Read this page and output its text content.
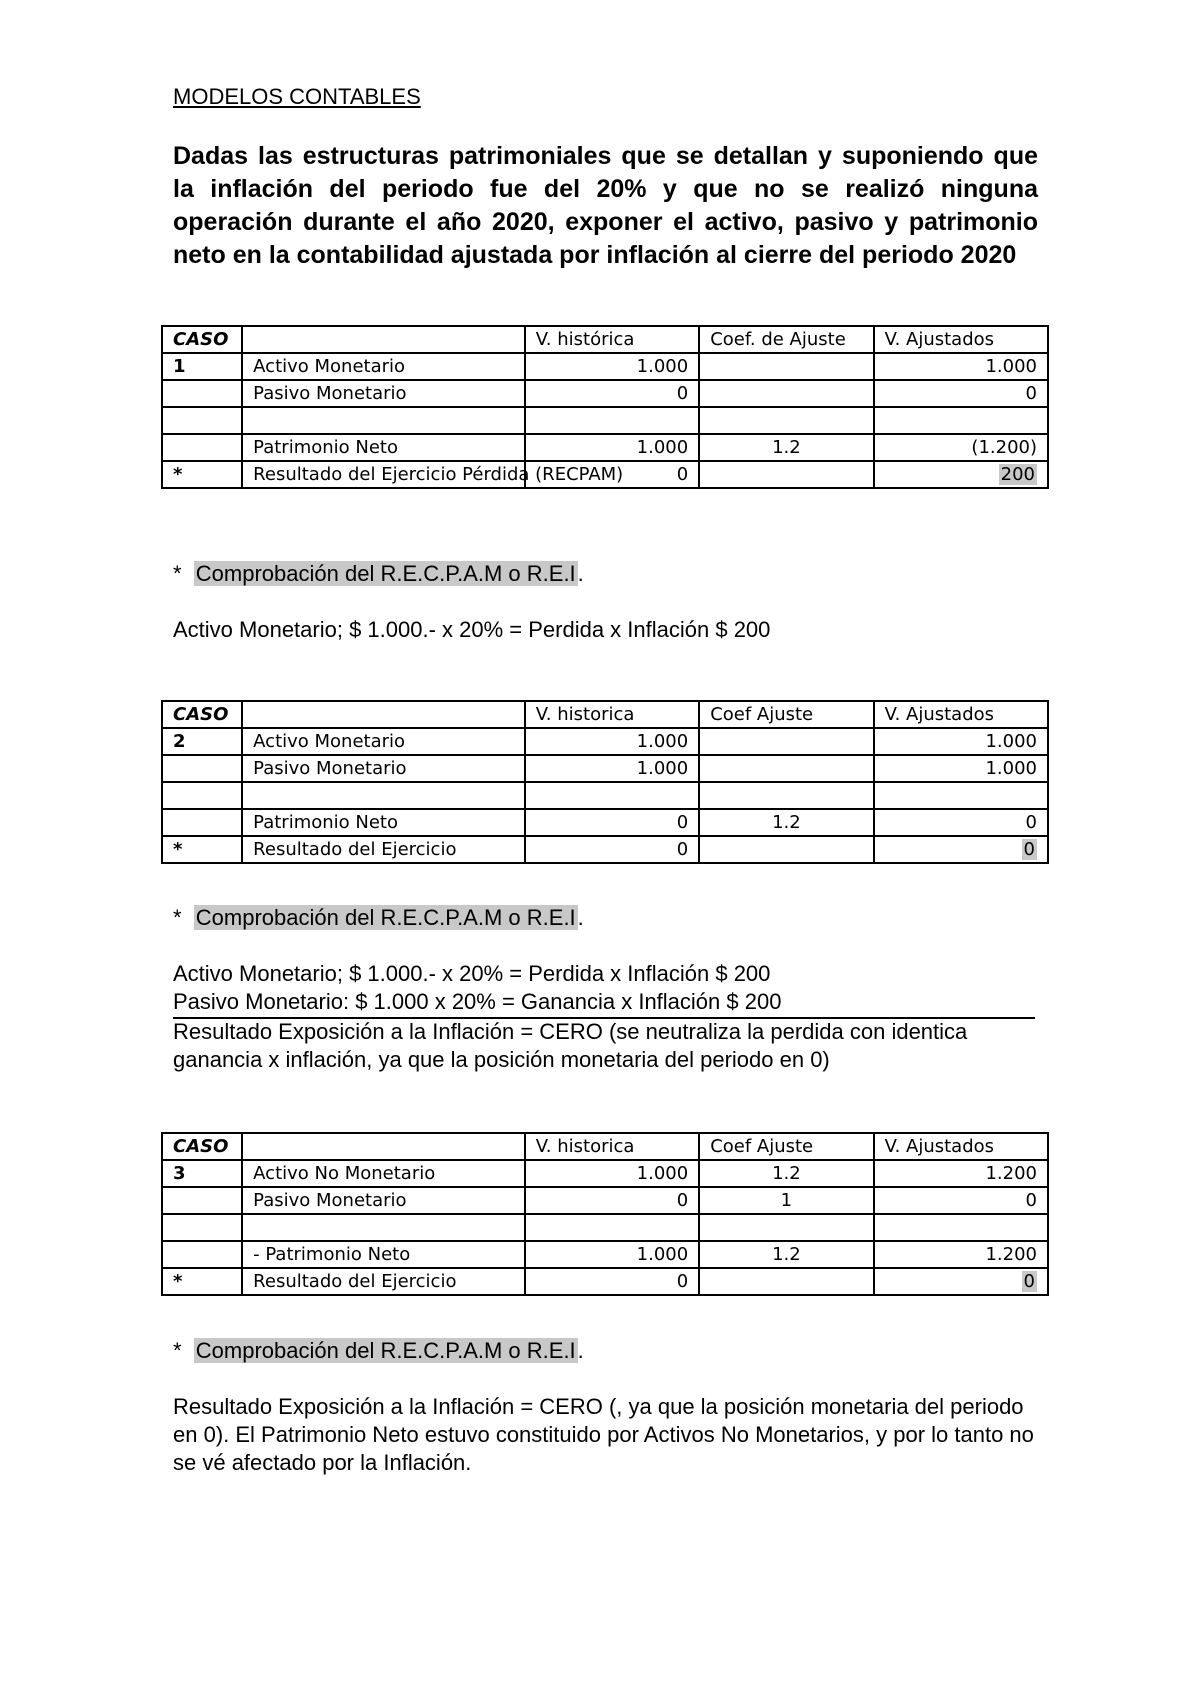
MODELOS CONTABLES

Dadas las estructuras patrimoniales que se detallan y suponiendo que la inflación del periodo fue del 20% y que no se realizó ninguna operación durante el año 2020, exponer el activo, pasivo y patrimonio neto en la contabilidad ajustada por inflación al cierre del periodo 2020

CASO		V. histórica	Coef. de Ajuste	V. Ajustados
1	Activo Monetario	1.000		1.000
	Pasivo Monetario	0		0

	Patrimonio Neto	1.000	1.2	(1.200)
*	Resultado del Ejercicio Pérdida (RECPAM)	0		200

* Comprobación del R.E.C.P.A.M o R.E.I.

Activo Monetario; $ 1.000.- x 20% = Perdida x Inflación $ 200

CASO		V. historica	Coef Ajuste	V. Ajustados
2	Activo Monetario	1.000		1.000
	Pasivo Monetario	1.000		1.000

	Patrimonio Neto	0	1.2	0
*	Resultado del Ejercicio	0		0

* Comprobación del R.E.C.P.A.M o R.E.I.

Activo Monetario; $ 1.000.- x 20% = Perdida x Inflación $ 200

Pasivo Monetario: $ 1.000 x 20% = Ganancia x Inflación $ 200

Resultado Exposición a la Inflación = CERO (se neutraliza la perdida con identica ganancia x inflación, ya que la posición monetaria del periodo en 0)

CASO		V. historica	Coef Ajuste	V. Ajustados
3	Activo No Monetario	1.000	1.2	1.200
	Pasivo Monetario	0	1	0

	- Patrimonio Neto	1.000	1.2	1.200
*	Resultado del Ejercicio	0		0

* Comprobación del R.E.C.P.A.M o R.E.I.

Resultado Exposición a la Inflación = CERO (, ya que la posición monetaria del periodo en 0). El Patrimonio Neto estuvo constituido por Activos No Monetarios, y por lo tanto no se vé afectado por la Inflación.
